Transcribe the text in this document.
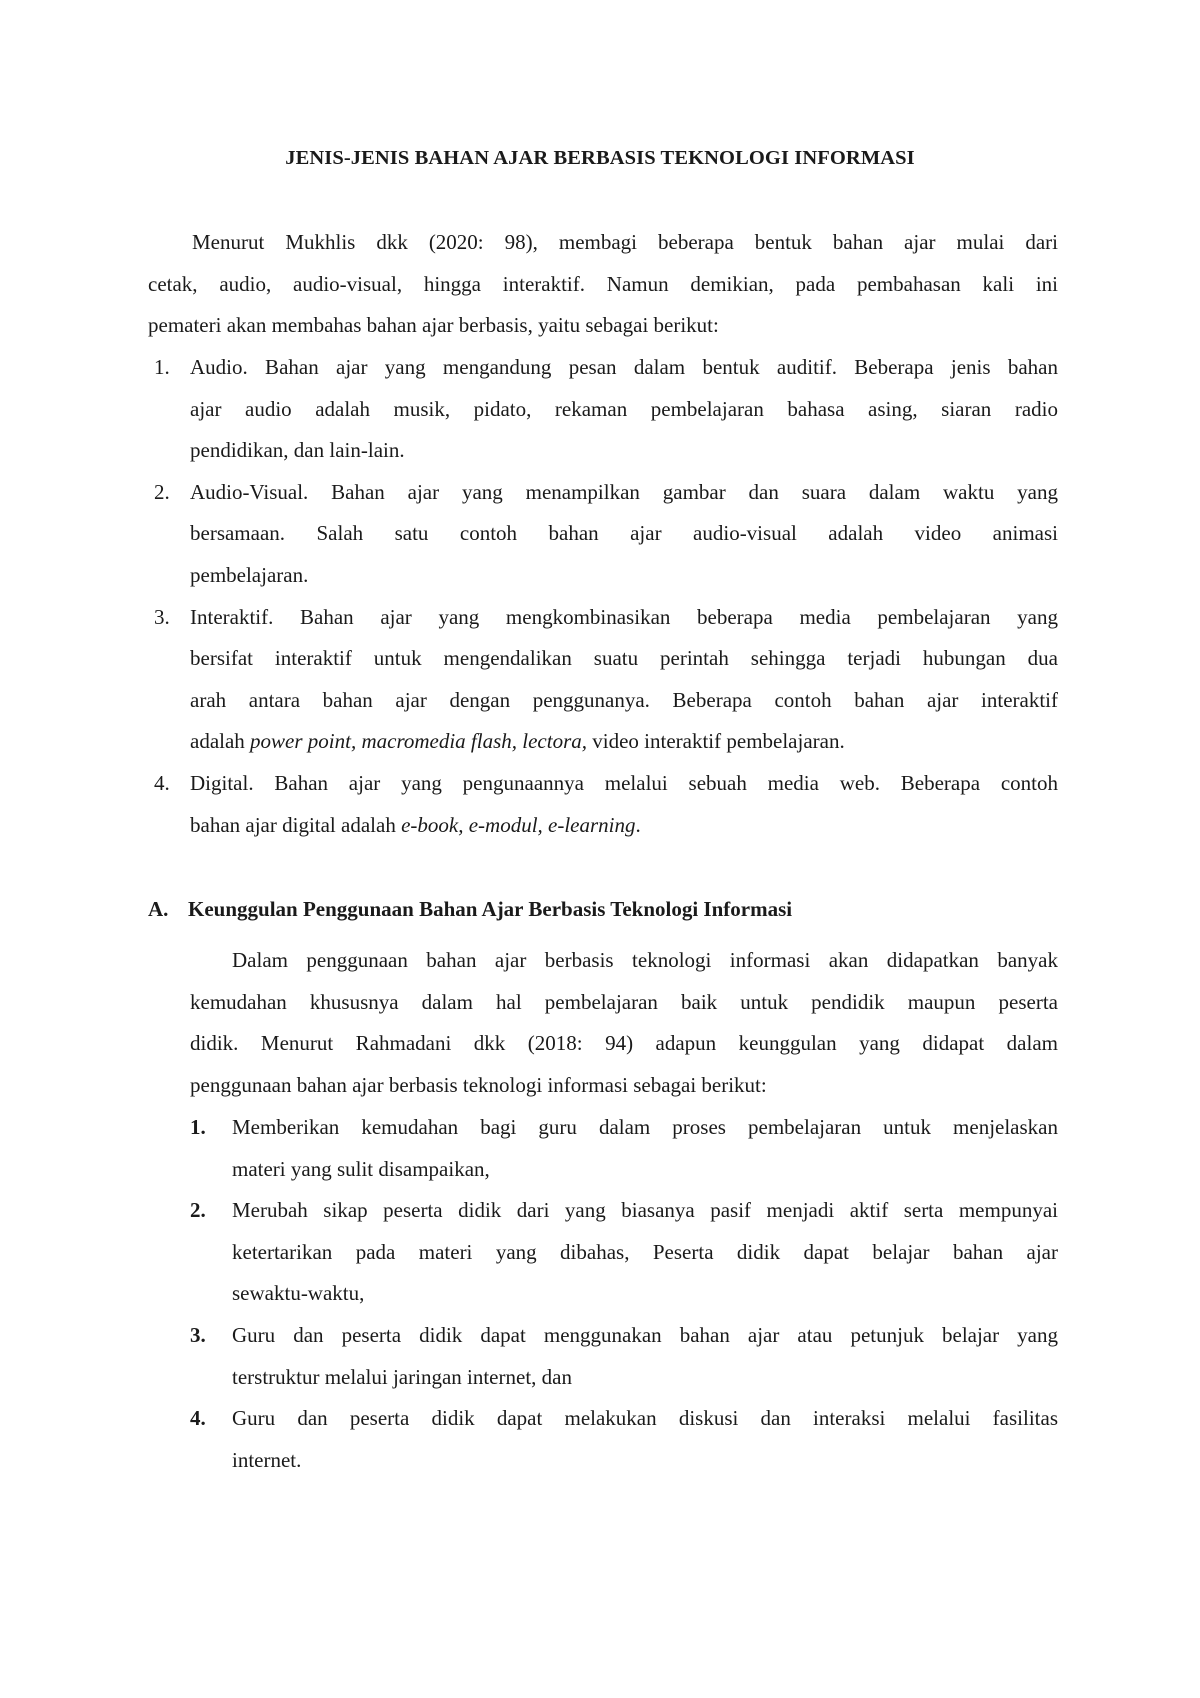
JENIS-JENIS BAHAN AJAR BERBASIS TEKNOLOGI INFORMASI
Menurut Mukhlis dkk (2020: 98), membagi beberapa bentuk bahan ajar mulai dari
cetak, audio, audio-visual, hingga interaktif. Namun demikian, pada pembahasan kali ini
pemateri akan membahas bahan ajar berbasis, yaitu sebagai berikut:
1. Audio. Bahan ajar yang mengandung pesan dalam bentuk auditif. Beberapa jenis bahan
ajar audio adalah musik, pidato, rekaman pembelajaran bahasa asing, siaran radio
pendidikan, dan lain-lain.
2. Audio-Visual. Bahan ajar yang menampilkan gambar dan suara dalam waktu yang
bersamaan. Salah satu contoh bahan ajar audio-visual adalah video animasi
pembelajaran.
3. Interaktif. Bahan ajar yang mengkombinasikan beberapa media pembelajaran yang
bersifat interaktif untuk mengendalikan suatu perintah sehingga terjadi hubungan dua
arah antara bahan ajar dengan penggunanya. Beberapa contoh bahan ajar interaktif
adalah power point, macromedia flash, lectora, video interaktif pembelajaran.
4. Digital. Bahan ajar yang pengunaannya melalui sebuah media web. Beberapa contoh
bahan ajar digital adalah e-book, e-modul, e-learning.
A. Keunggulan Penggunaan Bahan Ajar Berbasis Teknologi Informasi
Dalam penggunaan bahan ajar berbasis teknologi informasi akan didapatkan banyak
kemudahan khususnya dalam hal pembelajaran baik untuk pendidik maupun peserta
didik. Menurut Rahmadani dkk (2018: 94) adapun keunggulan yang didapat dalam
penggunaan bahan ajar berbasis teknologi informasi sebagai berikut:
1. Memberikan kemudahan bagi guru dalam proses pembelajaran untuk menjelaskan
materi yang sulit disampaikan,
2. Merubah sikap peserta didik dari yang biasanya pasif menjadi aktif serta mempunyai
ketertarikan pada materi yang dibahas, Peserta didik dapat belajar bahan ajar
sewaktu-waktu,
3. Guru dan peserta didik dapat menggunakan bahan ajar atau petunjuk belajar yang
terstruktur melalui jaringan internet, dan
4. Guru dan peserta didik dapat melakukan diskusi dan interaksi melalui fasilitas
internet.
